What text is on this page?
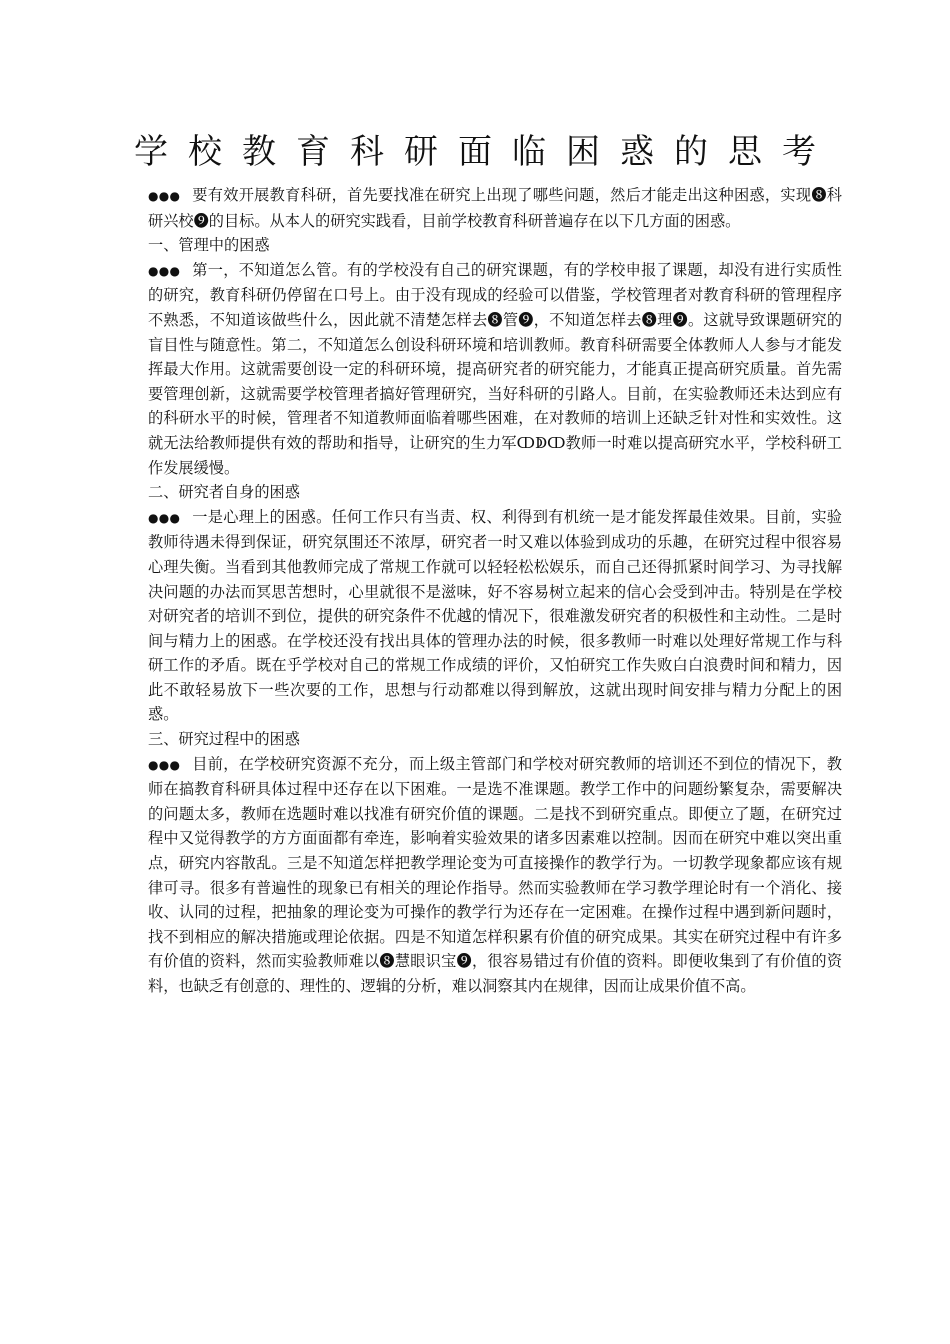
学校教育科研面临困惑的思考

●●● 要有效开展教育科研，首先要找准在研究上出现了哪些问题，然后才能走出这种困惑，实现❽科研兴校❾的目标。从本人的研究实践看，目前学校教育科研普遍存在以下几方面的困惑。

一、管理中的困惑

●●● 第一，不知道怎么管。有的学校没有自己的研究课题，有的学校申报了课题，却没有进行实质性的研究，教育科研仍停留在口号上。由于没有现成的经验可以借鉴，学校管理者对教育科研的管理程序不熟悉，不知道该做些什么，因此就不清楚怎样去❽管❾，不知道怎样去❽理❾。这就导致课题研究的盲目性与随意性。第二，不知道怎么创设科研环境和培训教师。教育科研需要全体教师人人参与才能发挥最大作用。这就需要创设一定的科研环境，提高研究者的研究能力，才能真正提高研究质量。首先需要管理创新，这就需要学校管理者搞好管理研究，当好科研的引路人。目前，在实验教师还未达到应有的科研水平的时候，管理者不知道教师面临着哪些困难，在对教师的培训上还缺乏针对性和实效性。这就无法给教师提供有效的帮助和指导，让研究的生力军ↀↁↀ教师一时难以提高研究水平，学校科研工作发展缓慢。

二、研究者自身的困惑

●●● 一是心理上的困惑。任何工作只有当责、权、利得到有机统一是才能发挥最佳效果。目前，实验教师待遇未得到保证，研究氛围还不浓厚，研究者一时又难以体验到成功的乐趣，在研究过程中很容易心理失衡。当看到其他教师完成了常规工作就可以轻轻松松娱乐，而自己还得抓紧时间学习、为寻找解决问题的办法而冥思苦想时，心里就很不是滋味，好不容易树立起来的信心会受到冲击。特别是在学校对研究者的培训不到位，提供的研究条件不优越的情况下，很难激发研究者的积极性和主动性。二是时间与精力上的困惑。在学校还没有找出具体的管理办法的时候，很多教师一时难以处理好常规工作与科研工作的矛盾。既在乎学校对自己的常规工作成绩的评价，又怕研究工作失败白白浪费时间和精力，因此不敢轻易放下一些次要的工作，思想与行动都难以得到解放，这就出现时间安排与精力分配上的困惑。

三、研究过程中的困惑

●●● 目前，在学校研究资源不充分，而上级主管部门和学校对研究教师的培训还不到位的情况下，教师在搞教育科研具体过程中还存在以下困难。一是选不准课题。教学工作中的问题纷繁复杂，需要解决的问题太多，教师在选题时难以找准有研究价值的课题。二是找不到研究重点。即便立了题，在研究过程中又觉得教学的方方面面都有牵连，影响着实验效果的诸多因素难以控制。因而在研究中难以突出重点，研究内容散乱。三是不知道怎样把教学理论变为可直接操作的教学行为。一切教学现象都应该有规律可寻。很多有普遍性的现象已有相关的理论作指导。然而实验教师在学习教学理论时有一个消化、接收、认同的过程，把抽象的理论变为可操作的教学行为还存在一定困难。在操作过程中遇到新问题时，找不到相应的解决措施或理论依据。四是不知道怎样积累有价值的研究成果。其实在研究过程中有许多有价值的资料，然而实验教师难以❽慧眼识宝❾，很容易错过有价值的资料。即便收集到了有价值的资料，也缺乏有创意的、理性的、逻辑的分析，难以洞察其内在规律，因而让成果价值不高。
